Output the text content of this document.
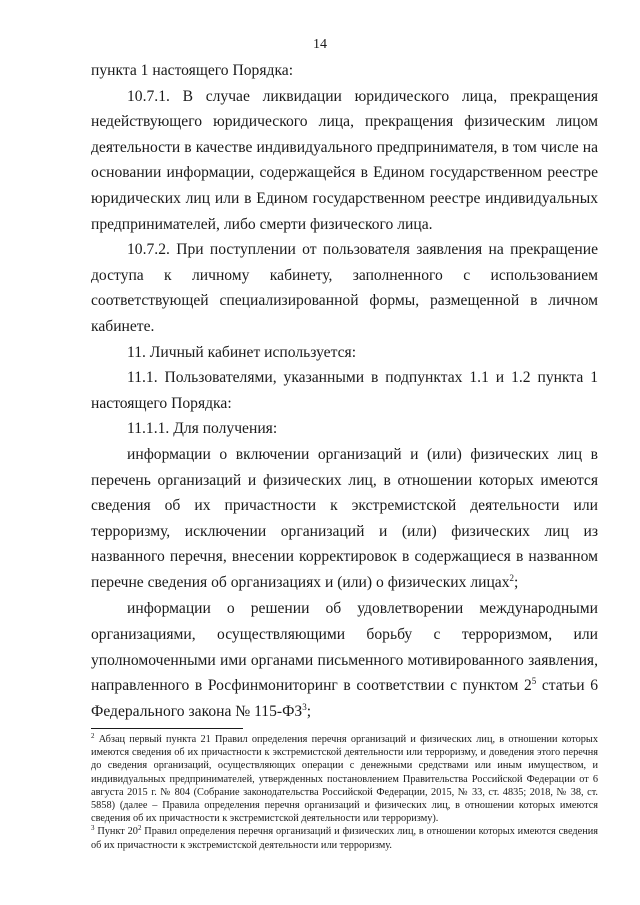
14

пункта 1 настоящего Порядка:

10.7.1. В случае ликвидации юридического лица, прекращения недействующего юридического лица, прекращения физическим лицом деятельности в качестве индивидуального предпринимателя, в том числе на основании информации, содержащейся в Едином государственном реестре юридических лиц или в Едином государственном реестре индивидуальных предпринимателей, либо смерти физического лица.

10.7.2. При поступлении от пользователя заявления на прекращение доступа к личному кабинету, заполненного с использованием соответствующей специализированной формы, размещенной в личном кабинете.

11. Личный кабинет используется:

11.1. Пользователями, указанными в подпунктах 1.1 и 1.2 пункта 1 настоящего Порядка:

11.1.1. Для получения:

информации о включении организаций и (или) физических лиц в перечень организаций и физических лиц, в отношении которых имеются сведения об их причастности к экстремистской деятельности или терроризму, исключении организаций и (или) физических лиц из названного перечня, внесении корректировок в содержащиеся в названном перечне сведения об организациях и (или) о физических лицах$^2$;

информации о решении об удовлетворении международными организациями, осуществляющими борьбу с терроризмом, или уполномоченными ими органами письменного мотивированного заявления, направленного в Росфинмониторинг в соответствии с пунктом $2^5$ статьи 6 Федерального закона № $115-ФЗ^3$;

$^2$ Абзац первый пункта 21 Правил определения перечня организаций и физических лиц, в отношении которых имеются сведения об их причастности к экстремистской деятельности или терроризму, и доведения этого перечня до сведения организаций, осуществляющих операции с денежными средствами или иным имуществом, и индивидуальных предпринимателей, утвержденных постановлением Правительства Российской Федерации от 6 августа 2015 г. № 804 (Собрание законодательства Российской Федерации, 2015, № 33, ст. 4835; 2018, № 38, ст. 5858) (далее – Правила определения перечня организаций и физических лиц, в отношении которых имеются сведения об их причастности к экстремистской деятельности или терроризму).

$^3$ Пункт $20^2$ Правил определения перечня организаций и физических лиц, в отношении которых имеются сведения об их причастности к экстремистской деятельности или терроризму.
